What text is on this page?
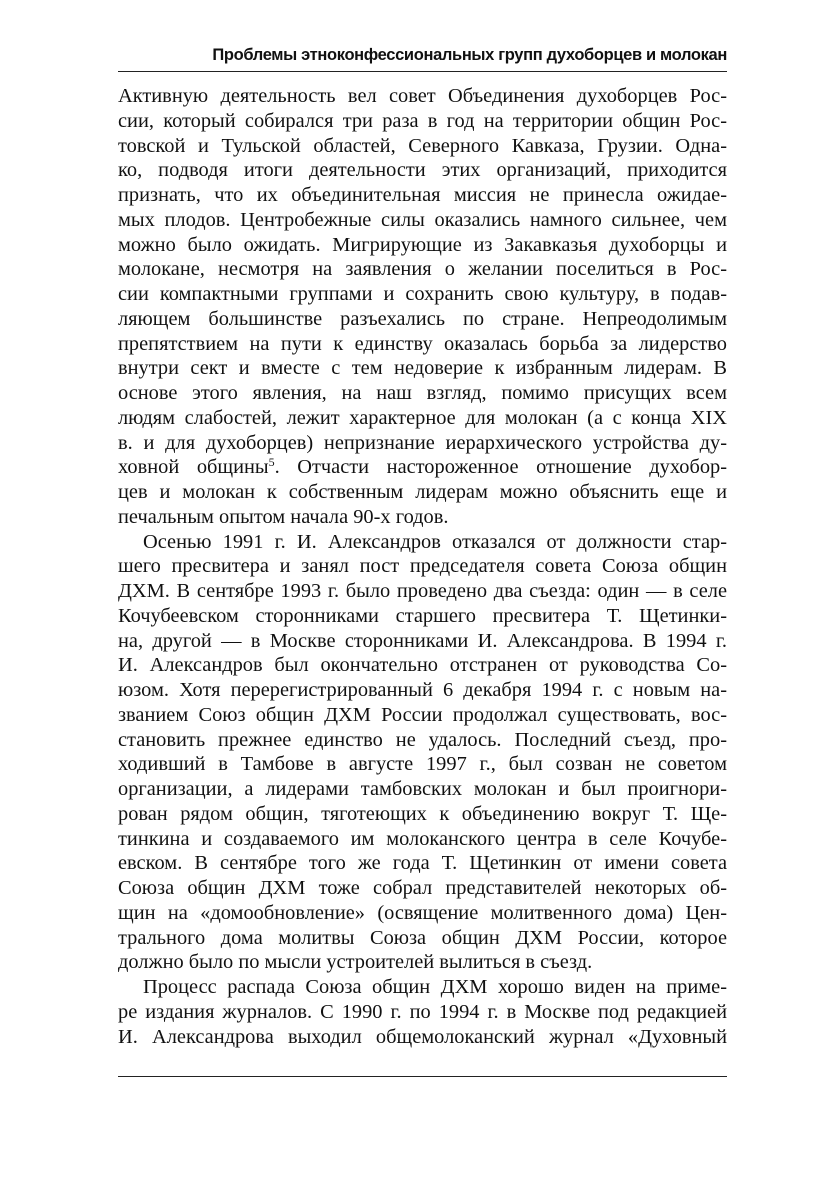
Проблемы этноконфессиональных групп духоборцев и молокан
Активную деятельность вел совет Объединения духоборцев Рос-
сии, который собирался три раза в год на территории общин Рос-
товской и Тульской областей, Северного Кавказа, Грузии. Одна-
ко, подводя итоги деятельности этих организаций, приходится
признать, что их объединительная миссия не принесла ожидае-
мых плодов. Центробежные силы оказались намного сильнее, чем
можно было ожидать. Мигрирующие из Закавказья духоборцы и
молокане, несмотря на заявления о желании поселиться в Рос-
сии компактными группами и сохранить свою культуру, в подав-
ляющем большинстве разъехались по стране. Непреодолимым
препятствием на пути к единству оказалась борьба за лидерство
внутри сект и вместе с тем недоверие к избранным лидерам. В
основе этого явления, на наш взгляд, помимо присущих всем
людям слабостей, лежит характерное для молокан (а с конца XIX
в. и для духоборцев) непризнание иерархического устройства ду-
ховной общины$^5$. Отчасти настороженное отношение духобор-
цев и молокан к собственным лидерам можно объяснить еще и
печальным опытом начала 90-х годов.
Осенью 1991 г. И. Александров отказался от должности стар-
шего пресвитера и занял пост председателя совета Союза общин
ДХМ. В сентябре 1993 г. было проведено два съезда: один — в селе
Кочубеевском сторонниками старшего пресвитера Т. Щетинки-
на, другой — в Москве сторонниками И. Александрова. В 1994 г.
И. Александров был окончательно отстранен от руководства Со-
юзом. Хотя перерегистрированный 6 декабря 1994 г. с новым на-
званием Союз общин ДХМ России продолжал существовать, вос-
становить прежнее единство не удалось. Последний съезд, про-
ходивший в Тамбове в августе 1997 г., был созван не советом
организации, а лидерами тамбовских молокан и был проигнори-
рован рядом общин, тяготеющих к объединению вокруг Т. Ще-
тинкина и создаваемого им молоканского центра в селе Кочубе-
евском. В сентябре того же года Т. Щетинкин от имени совета
Союза общин ДХМ тоже собрал представителей некоторых об-
щин на «домообновление» (освящение молитвенного дома) Цен-
трального дома молитвы Союза общин ДХМ России, которое
должно было по мысли устроителей вылиться в съезд.
Процесс распада Союза общин ДХМ хорошо виден на приме-
ре издания журналов. С 1990 г. по 1994 г. в Москве под редакцией
И. Александрова выходил общемолоканский журнал «Духовный
